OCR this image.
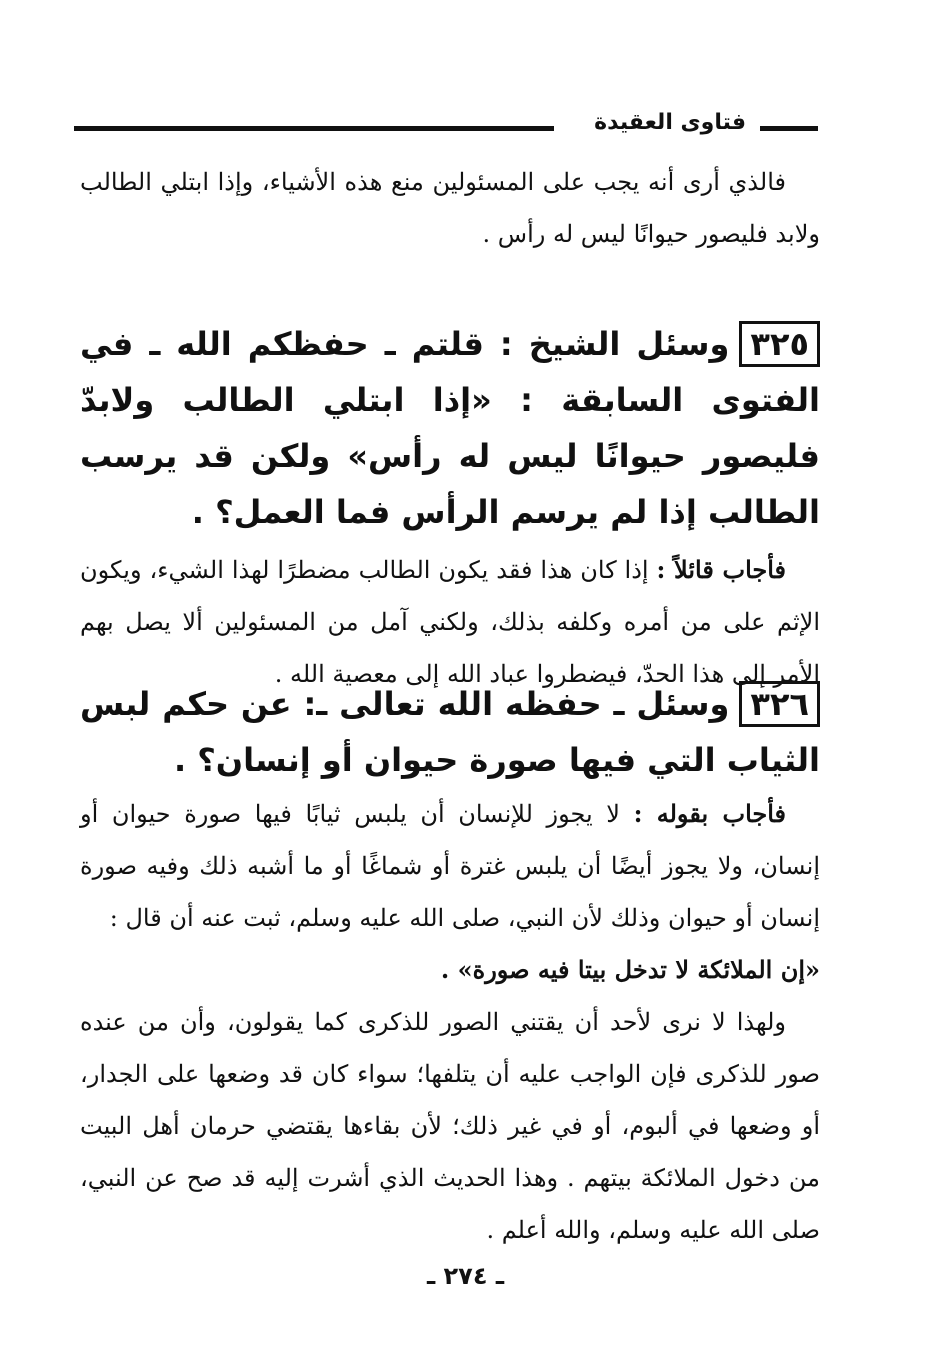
فتاوى العقيدة

فالذي أرى أنه يجب على المسئولين منع هذه الأشياء، وإذا ابتلي الطالب ولابد فليصور حيوانًا ليس له رأس .

٣٢٥وسئل الشيخ : قلتم ـ حفظكم الله ـ في الفتوى السابقة : «إذا ابتلي الطالب ولابدّ فليصور حيوانًا ليس له رأس» ولكن قد يرسب الطالب إذا لم يرسم الرأس فما العمل؟ .

فأجاب قائلاً : إذا كان هذا فقد يكون الطالب مضطرًا لهذا الشيء، ويكون الإثم على من أمره وكلفه بذلك، ولكني آمل من المسئولين ألا يصل بهم الأمر إلى هذا الحدّ، فيضطروا عباد الله إلى معصية الله .

٣٢٦وسئل ـ حفظه الله تعالى ـ: عن حكم لبس الثياب التي فيها صورة حيوان أو إنسان؟ .

فأجاب بقوله : لا يجوز للإنسان أن يلبس ثيابًا فيها صورة حيوان أو إنسان، ولا يجوز أيضًا أن يلبس غترة أو شماغًا أو ما أشبه ذلك وفيه صورة إنسان أو حيوان وذلك لأن النبي، صلى الله عليه وسلم، ثبت عنه أن قال :

«إن الملائكة لا تدخل بيتا فيه صورة» .

ولهذا لا نرى لأحد أن يقتني الصور للذكرى كما يقولون، وأن من عنده صور للذكرى فإن الواجب عليه أن يتلفها؛ سواء كان قد وضعها على الجدار، أو وضعها في ألبوم، أو في غير ذلك؛ لأن بقاءها يقتضي حرمان أهل البيت من دخول الملائكة بيتهم . وهذا الحديث الذي أشرت إليه قد صح عن النبي، صلى الله عليه وسلم، والله أعلم .

ـ ٢٧٤ ـ
